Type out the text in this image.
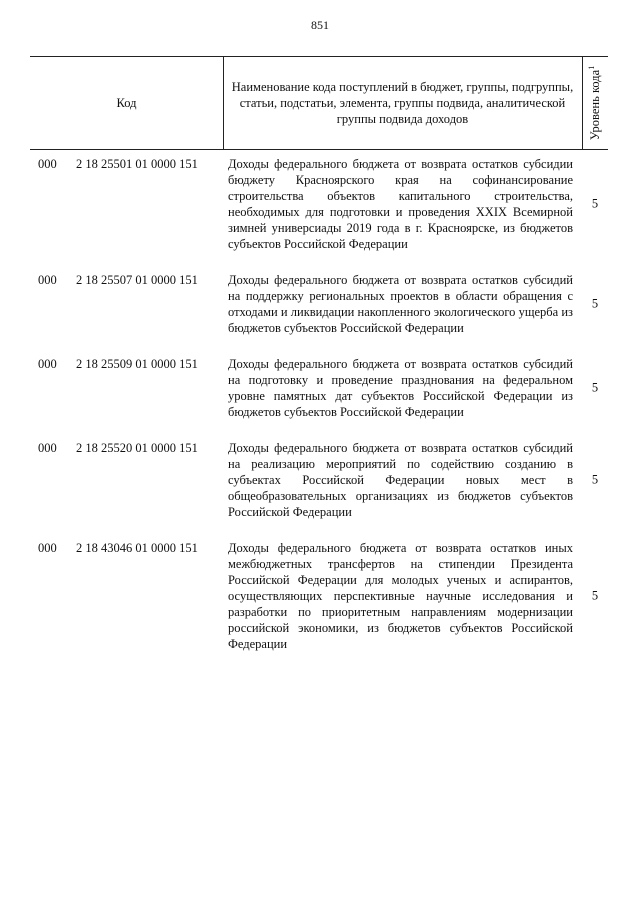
851
Код
Наименование кода поступлений в бюджет, группы, подгруппы, статьи, подстатьи, элемента, группы подвида, аналитической группы подвида доходов	Уровень кода$^1$
000 2 18 25501 01 0000 151 Доходы федерального бюджета от возврата остатков субсидии бюджету Красноярского края на софинансирование строительства объектов капитального строительства, необходимых для подготовки и проведения XXIX Всемирной зимней универсиады 2019 года в г. Красноярске, из бюджетов субъектов Российской Федерации
5
000 2 18 25507 01 0000 151 Доходы федерального бюджета от возврата остатков субсидий на поддержку региональных проектов в области обращения с отходами и ликвидации накопленного экологического ущерба из бюджетов субъектов Российской Федерации
5
000 2 18 25509 01 0000 151 Доходы федерального бюджета от возврата остатков субсидий на подготовку и проведение празднования на федеральном уровне памятных дат субъектов Российской Федерации из бюджетов субъектов Российской Федерации
5
000 2 18 25520 01 0000 151 Доходы федерального бюджета от возврата остатков субсидий на реализацию мероприятий по содействию созданию в субъектах Российской Федерации новых мест в общеобразовательных организациях из бюджетов субъектов Российской Федерации
5
000 2 18 43046 01 0000 151 Доходы федерального бюджета от возврата остатков иных межбюджетных трансфертов на стипендии Президента Российской Федерации для молодых ученых и аспирантов, осуществляющих перспективные научные исследования и разработки по приоритетным направлениям модернизации российской экономики, из бюджетов субъектов Российской Федерации
5
